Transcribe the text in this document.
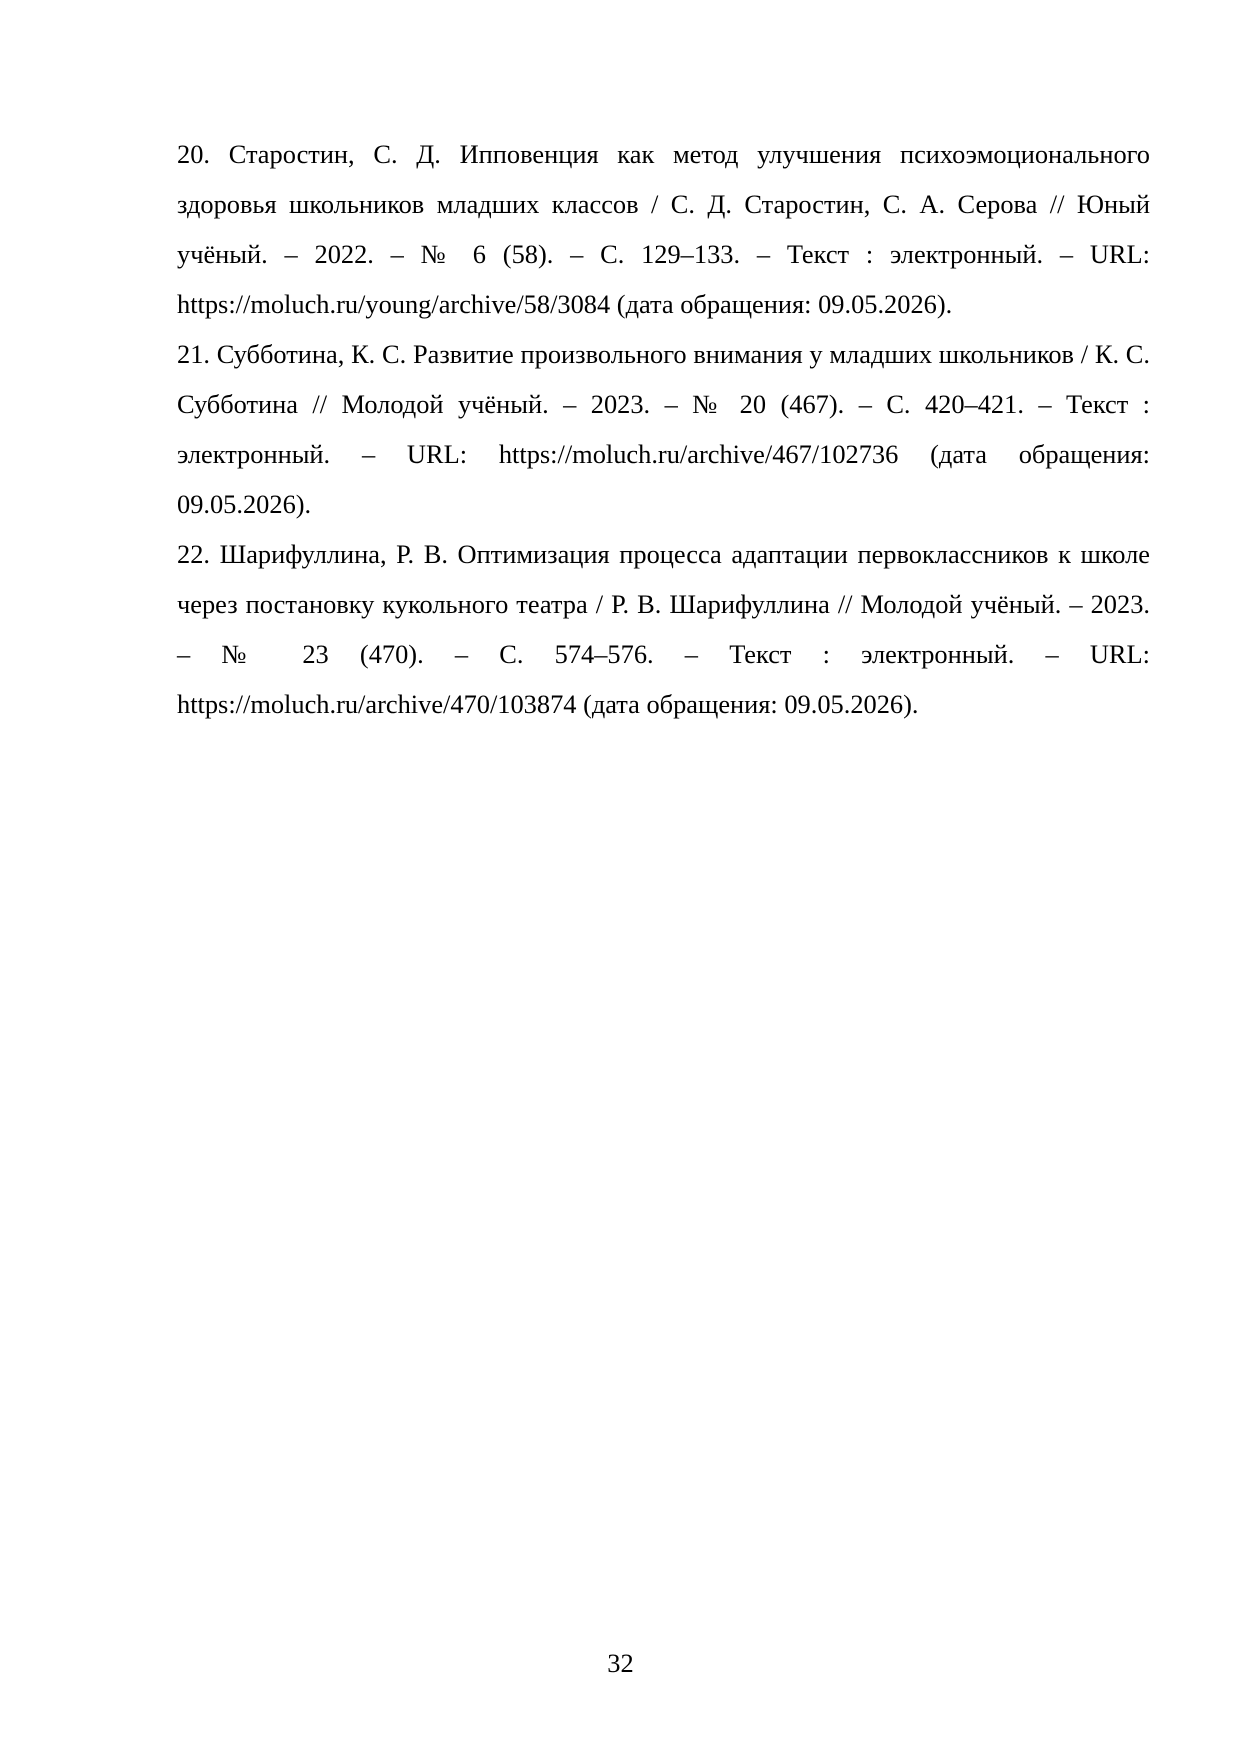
20. Старостин, С. Д. Ипповенция как метод улучшения психоэмоционального здоровья школьников младших классов / С. Д. Старостин, С. А. Серова // Юный учёный. – 2022. – № 6 (58). – С. 129–133. – Текст : электронный. – URL: https://moluch.ru/young/archive/58/3084 (дата обращения: 09.05.2026).

21. Субботина, К. С. Развитие произвольного внимания у младших школьников / К. С. Субботина // Молодой учёный. – 2023. – № 20 (467). – С. 420–421. – Текст : электронный. – URL: https://moluch.ru/archive/467/102736 (дата обращения: 09.05.2026).

22. Шарифуллина, Р. В. Оптимизация процесса адаптации первоклассников к школе через постановку кукольного театра / Р. В. Шарифуллина // Молодой учёный. – 2023. – № 23 (470). – С. 574–576. – Текст : электронный. – URL: https://moluch.ru/archive/470/103874 (дата обращения: 09.05.2026).

32
